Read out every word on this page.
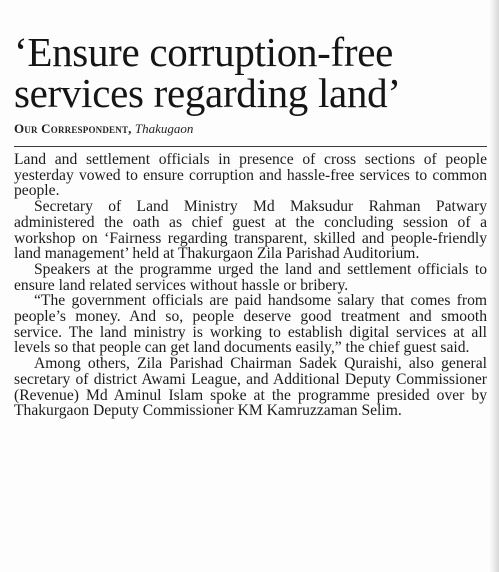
‘Ensure corruption-free
services regarding land’
Our Correspondent, Thakugaon

Land and settlement officials in presence of cross sections of people yesterday vowed to ensure corruption and hassle-free services to common people.

Secretary of Land Ministry Md Maksudur Rahman Patwary administered the oath as chief guest at the concluding session of a workshop on ‘Fairness regarding transparent, skilled and people-friendly land management’ held at Thakurgaon Zila Parishad Auditorium.

Speakers at the programme urged the land and settlement officials to ensure land related services without hassle or bribery.

“The government officials are paid handsome salary that comes from people’s money. And so, people deserve good treatment and smooth service. The land ministry is working to establish digital services at all levels so that people can get land documents easily,” the chief guest said.

Among others, Zila Parishad Chairman Sadek Quraishi, also general secretary of district Awami League, and Additional Deputy Commissioner (Revenue) Md Aminul Islam spoke at the programme presided over by Thakurgaon Deputy Commissioner KM Kamruzzaman Selim.
